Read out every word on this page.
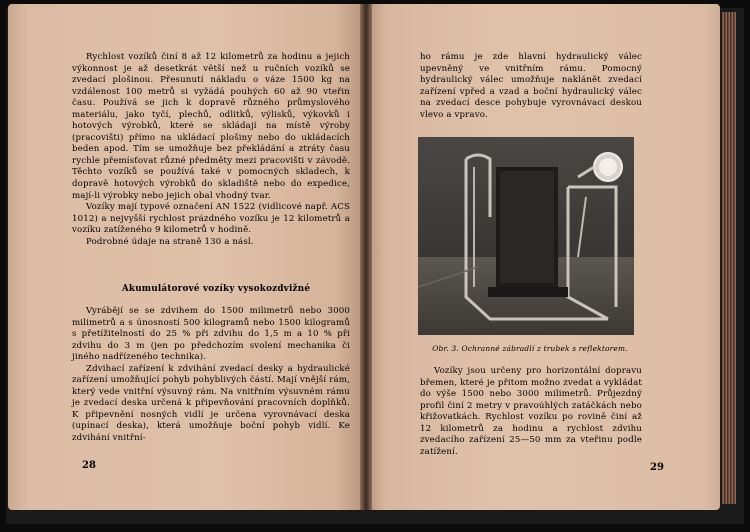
Rychlost vozíků činí 8 až 12 kilometrů za hodinu a jejich výkonnost je až desetkrát větší než u ručních vozíků se zvedací plošinou. Přesunutí nákladu o váze 1500 kg na vzdálenost 100 metrů si vyžádá pouhých 60 až 90 vteřin času. Používá se jich k dopravě různého průmyslového materiálu, jako tyčí, plechů, odlitků, výlisků, výkovků i hotových výrobků, které se skládají na místě výroby (pracovišti) přímo na ukládací plošiny nebo do ukládacích beden apod. Tím se umožňuje bez překládání a ztráty času rychle přemísťovat různé předměty mezi pracovišti v závodě. Těchto vozíků se používá také v pomocných skladech, k dopravě hotových výrobků do skladiště nebo do expedice, mají-li výrobky nebo jejich obal vhodný tvar.

Vozíky mají typové označení AN 1522 (vidlicové např. ACS 1012) a nejvyšší rychlost prázdného vozíku je 12 kilometrů a vozíku zatíženého 9 kilometrů v hodině.

Podrobné údaje na straně 130 a násl.

Akumulátorové vozíky vysokozdvižné

Vyrábějí se se zdvihem do 1500 milimetrů nebo 3000 milimetrů a s únosností 500 kilogramů nebo 1500 kilogramů s přetížitelností do 25 % při zdvihu do 1,5 m a 10 % při zdvihu do 3 m (jen po předchozím svolení mechanika či jiného nadřízeného technika).

Zdvihací zařízení k zdvihání zvedací desky a hydraulické zařízení umožňující pohyb pohyblivých částí. Mají vnější rám, který vede vnitřní výsuvný rám. Na vnitřním výsuvném rámu je zvedací deska určená k připevňování pracovních doplňků. K připevnění nosných vidlí je určena vyrovnávací deska (upínací deska), která umožňuje boční pohyb vidlí. Ke zdvihání vnitřní-

28

ho rámu je zde hlavní hydraulický válec upevněný ve vnitřním rámu. Pomocný hydraulický válec umožňuje naklánět zvedací zařízení vpřed a vzad a boční hydraulický válec na zvedací desce pohybuje vyrovnávací deskou vlevo a vpravo.

Obr. 3. Ochranné zábradlí z trubek s reflektorem.

Vozíky jsou určeny pro horizontální dopravu břemen, které je přitom možno zvedat a vykládat do výše 1500 nebo 3000 milimetrů. Průjezdný profil činí 2 metry v pravoúhlých zatáčkách nebo křižovatkách. Rychlost vozíku po rovině činí až 12 kilometrů za hodinu a rychlost zdvihu zvedacího zařízení 25—50 mm za vteřinu podle zatížení.

29
